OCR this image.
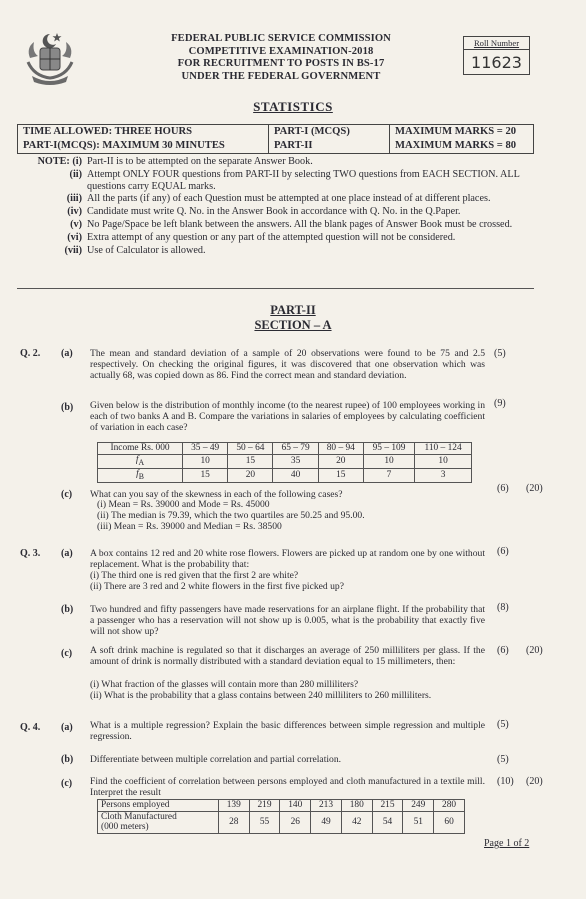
FEDERAL PUBLIC SERVICE COMMISSION
COMPETITIVE EXAMINATION-2018
FOR RECRUITMENT TO POSTS IN BS-17
UNDER THE FEDERAL GOVERNMENT
Roll Number
11623
STATISTICS
TIME ALLOWED: THREE HOURS	PART-I (MCQS)	MAXIMUM MARKS = 20
PART-I(MCQS): MAXIMUM 30 MINUTES	PART-II	MAXIMUM MARKS = 80
NOTE: (i) Part-II is to be attempted on the separate Answer Book.
(ii) Attempt ONLY FOUR questions from PART-II by selecting TWO questions from EACH SECTION. ALL questions carry EQUAL marks.
(iii) All the parts (if any) of each Question must be attempted at one place instead of at different places.
(iv) Candidate must write Q. No. in the Answer Book in accordance with Q. No. in the Q.Paper.
(v) No Page/Space be left blank between the answers. All the blank pages of Answer Book must be crossed.
(vi) Extra attempt of any question or any part of the attempted question will not be considered.
(vii) Use of Calculator is allowed.
PART-II
SECTION – A
Q. 2. (a) The mean and standard deviation of a sample of 20 observations were found to be 75 and 2.5 respectively. On checking the original figures, it was discovered that one observation which was actually 68, was copied down as 86. Find the correct mean and standard deviation.
(5)
(b) Given below is the distribution of monthly income (to the nearest rupee) of 100 employees working in each of two banks A and B. Compare the variations in salaries of employees by calculating coefficient of variation in each case?
(9)
Income Rs. 000	35 – 49	50 – 64	65 – 79	80 – 94	95 – 109	110 – 124
$f_A$	10	15	35	20	10	10
$f_B$	15	20	40	15	7	3
(c) What can you say of the skewness in each of the following cases?
(i) Mean = Rs. 39000 and Mode = Rs. 45000
(ii) The median is 79.39, which the two quartiles are 50.25 and 95.00.
(iii) Mean = Rs. 39000 and Median = Rs. 38500
(6) (20)
Q. 3. (a) A box contains 12 red and 20 white rose flowers. Flowers are picked up at random one by one without replacement. What is the probability that:
(i) The third one is red given that the first 2 are white?
(ii) There are 3 red and 2 white flowers in the first five picked up?
(6)
(b) Two hundred and fifty passengers have made reservations for an airplane flight. If the probability that a passenger who has a reservation will not show up is 0.005, what is the probability that exactly five will not show up?
(8)
(c) A soft drink machine is regulated so that it discharges an average of 250 milliliters per glass. If the amount of drink is normally distributed with a standard deviation equal to 15 millimeters, then:
(i) What fraction of the glasses will contain more than 280 milliliters?
(ii) What is the probability that a glass contains between 240 milliliters to 260 milliliters.
(6) (20)
Q. 4. (a) What is a multiple regression? Explain the basic differences between simple regression and multiple regression.
(5)
(b) Differentiate between multiple correlation and partial correlation.	(5)
(c) Find the coefficient of correlation between persons employed and cloth manufactured in a textile mill. Interpret the result
(10) (20)
Persons employed	139	219	140	213	180	215	249	280

Cloth Manufactured
(000 meters)	28	55	26	49	42	54	51	60
Page 1 of 2
